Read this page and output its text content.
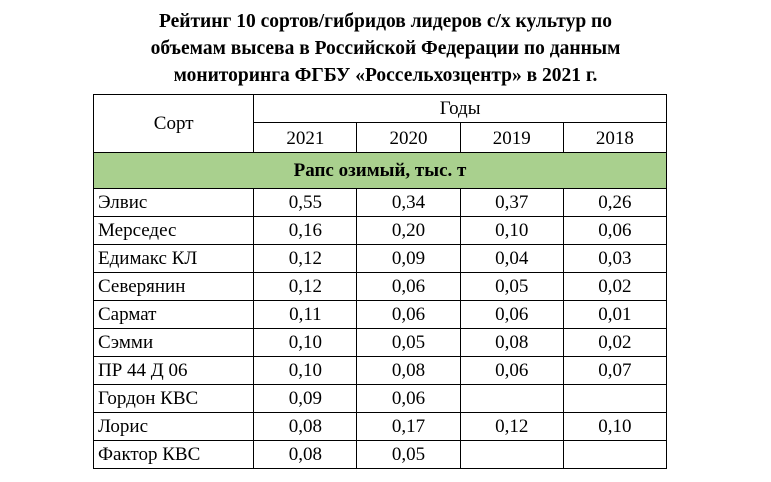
Рейтинг 10 сортов/гибридов лидеров с/х культур по
объемам высева в Российской Федерации по данным
мониторинга ФГБУ «Россельхозцентр» в 2021 г.
Сорт	Годы			
	2021	2020	2019	2018
Рапс озимый, тыс. т				
Элвис	0,55	0,34	0,37	0,26
Мерседес	0,16	0,20	0,10	0,06
Едимакс КЛ	0,12	0,09	0,04	0,03
Северянин	0,12	0,06	0,05	0,02
Сармат	0,11	0,06	0,06	0,01
Сэмми	0,10	0,05	0,08	0,02
ПР 44 Д 06	0,10	0,08	0,06	0,07
Гордон КВС	0,09	0,06		
Лорис	0,08	0,17	0,12	0,10
Фактор КВС	0,08	0,05		
